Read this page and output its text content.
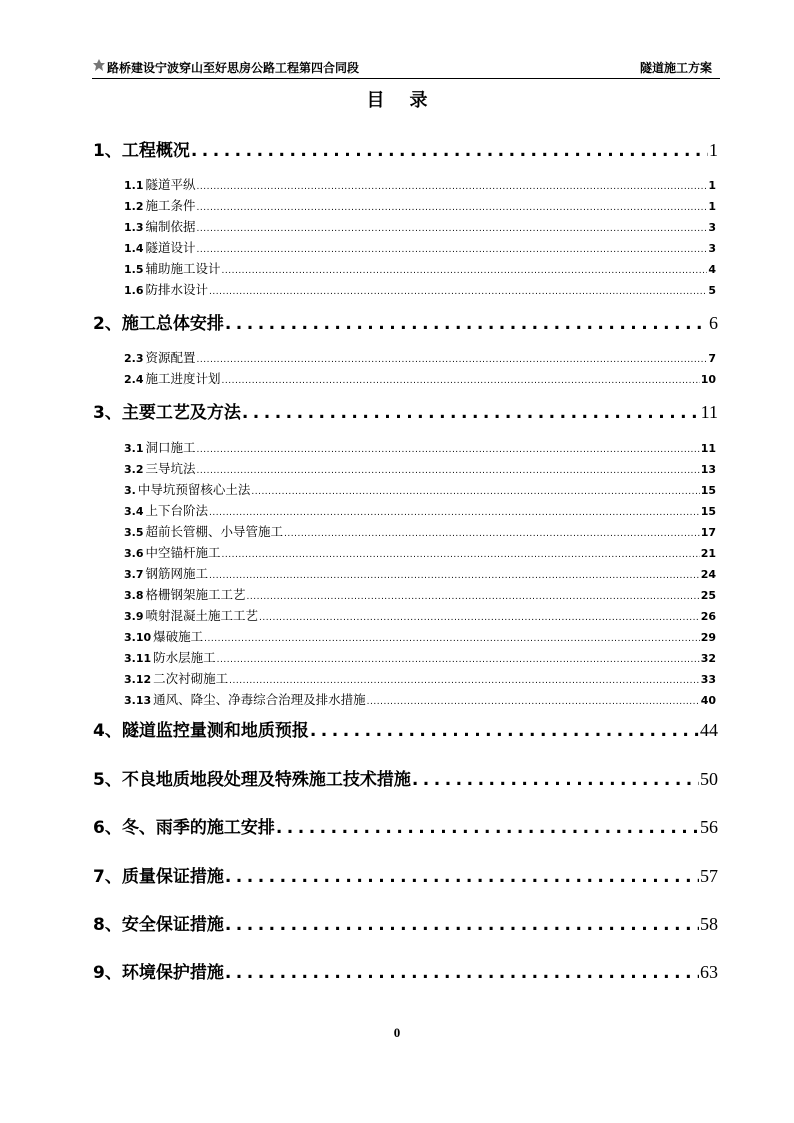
路桥建设宁波穿山至好思房公路工程第四合同段	隧道施工方案
目    录
1、工程概况 .....	1
1.1 隧道平纵 .....	1
1.2 施工条件 .....	1
1.3 编制依据 .....	3
1.4 隧道设计 .....	3
1.5 辅助施工设计 .....	4
1.6 防排水设计 .....	5
2、施工总体安排 .....	6
2.3 资源配置 .....	7
2.4 施工进度计划 .....	10
3、主要工艺及方法 .....	11
3.1 洞口施工 .....	11
3.2 三导坑法 .....	13
3. 中导坑预留核心土法 .....	15
3.4 上下台阶法 .....	15
3.5 超前长管棚、小导管施工 .....	17
3.6 中空锚杆施工 .....	21
3.7 钢筋网施工 .....	24
3.8 格栅钢架施工工艺 .....	25
3.9 喷射混凝土施工工艺 .....	26
3.10 爆破施工 .....	29
3.11 防水层施工 .....	32
3.12 二次衬砌施工 .....	33
3.13 通风、降尘、净毒综合治理及排水措施 .....	40
4、隧道监控量测和地质预报 .....	44
5、不良地质地段处理及特殊施工技术措施 .....	50
6、冬、雨季的施工安排 .....	56
7、质量保证措施 .....	57
8、安全保证措施 .....	58
9、环境保护措施 .....	63
0
